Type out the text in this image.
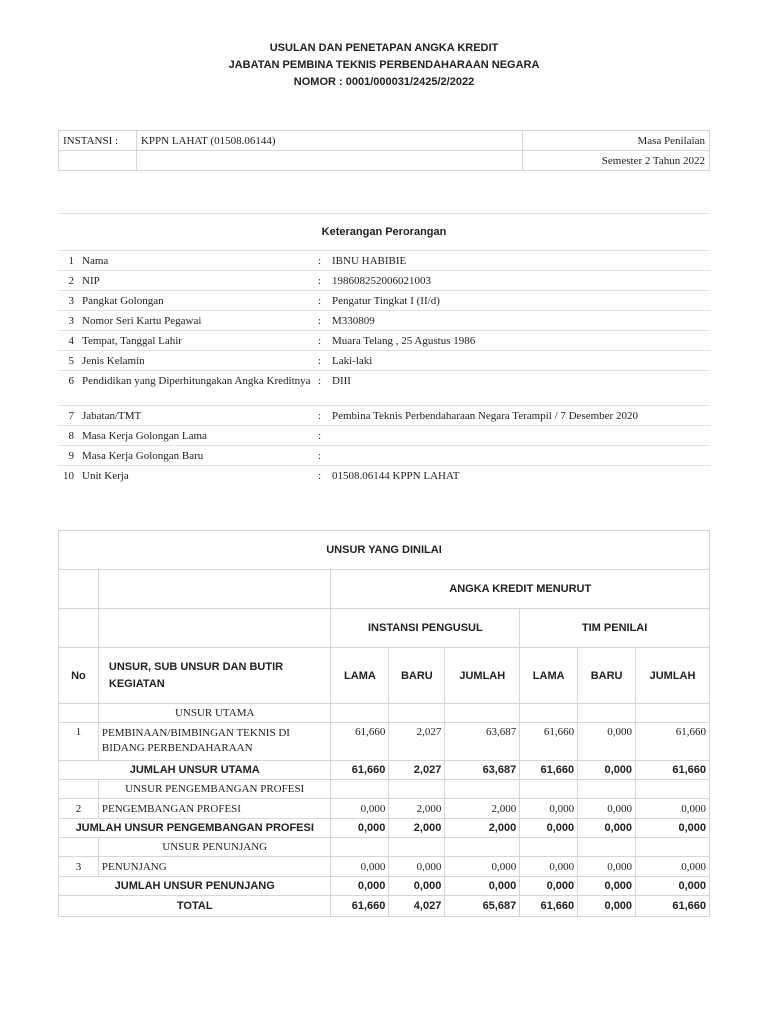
USULAN DAN PENETAPAN ANGKA KREDIT
JABATAN PEMBINA TEKNIS PERBENDAHARAAN NEGARA
NOMOR : 0001/000031/2425/2/2022
INSTANSI :	KPPN LAHAT (01508.06144)	Masa Penilaian
		Semester 2 Tahun 2022
Keterangan Perorangan			
1	Nama	:	IBNU HABIBIE
2	NIP	:	198608252006021003
3	Pangkat Golongan	:	Pengatur Tingkat I (II/d)
3	Nomor Seri Kartu Pegawai	:	M330809
4	Tempat, Tanggal Lahir	:	Muara Telang , 25 Agustus 1986
5	Jenis Kelamin	:	Laki-laki
6	Pendidikan yang Diperhitungakan Angka Kreditnya	:	DIII
7	Jabatan/TMT	:	Pembina Teknis Perbendaharaan Negara Terampil / 7 Desember 2020
8	Masa Kerja Golongan Lama	:	
9	Masa Kerja Golongan Baru	:	
10	Unit Kerja	:	01508.06144 KPPN LAHAT
UNSUR YANG DINILAI							
		ANGKA KREDIT MENURUT					
		INSTANSI PENGUSUL			TIM PENILAI		
No	UNSUR, SUB UNSUR DAN BUTIR KEGIATAN	LAMA	BARU	JUMLAH	LAMA	BARU	JUMLAH
	UNSUR UTAMA						
1	PEMBINAAN/BIMBINGAN TEKNIS DI BIDANG PERBENDAHARAAN	61,660	2,027	63,687	61,660	0,000	61,660
JUMLAH UNSUR UTAMA		61,660	2,027	63,687	61,660	0,000	61,660
	UNSUR PENGEMBANGAN PROFESI						
2	PENGEMBANGAN PROFESI	0,000	2,000	2,000	0,000	0,000	0,000
JUMLAH UNSUR PENGEMBANGAN PROFESI		0,000	2,000	2,000	0,000	0,000	0,000
	UNSUR PENUNJANG						
3	PENUNJANG	0,000	0,000	0,000	0,000	0,000	0,000
JUMLAH UNSUR PENUNJANG		0,000	0,000	0,000	0,000	0,000	0,000
TOTAL		61,660	4,027	65,687	61,660	0,000	61,660
